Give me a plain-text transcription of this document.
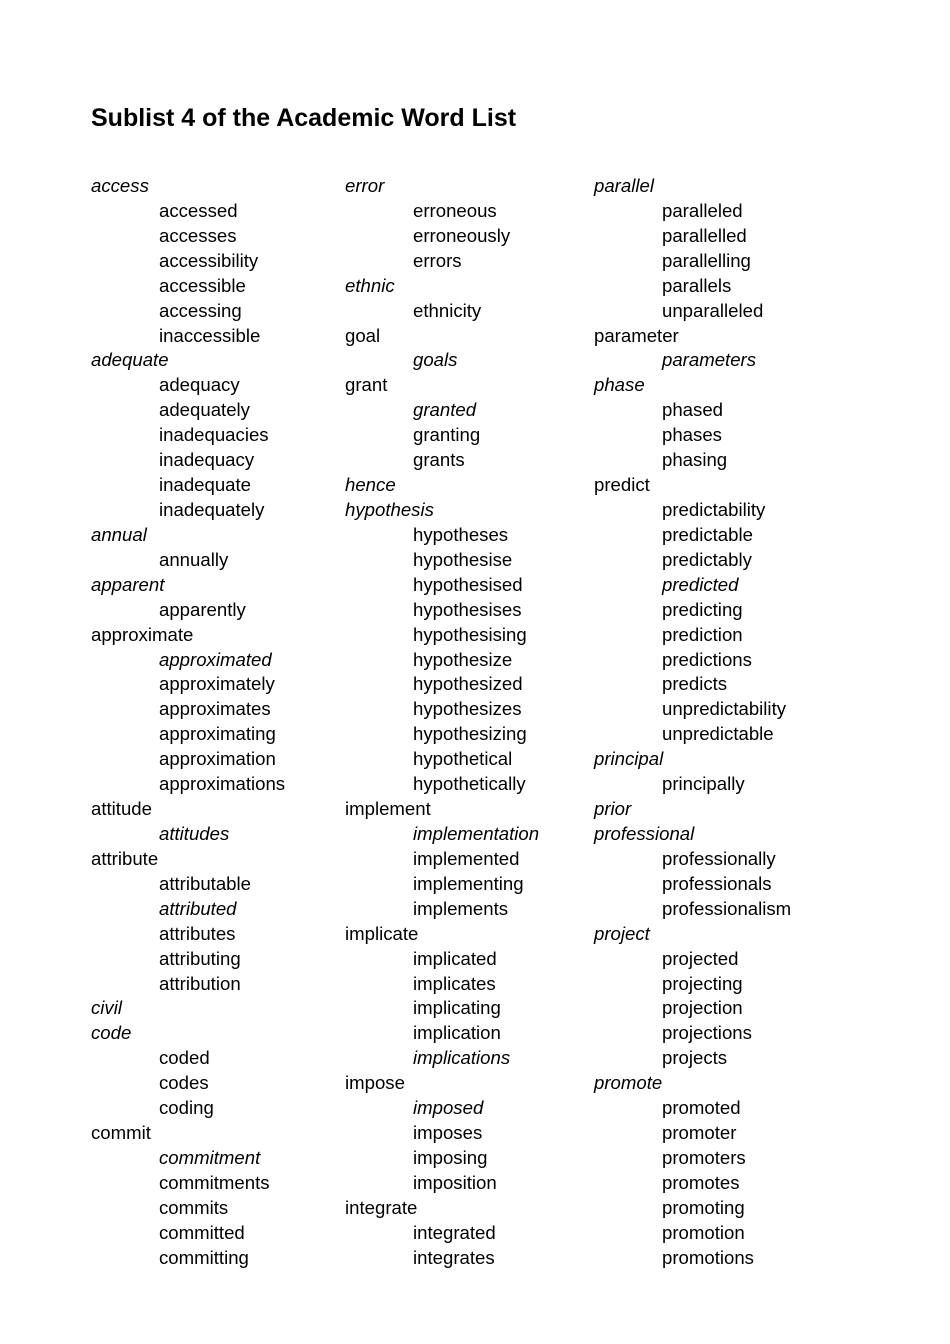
Sublist 4 of the Academic Word List
access
accessed
accesses
accessibility
accessible
accessing
inaccessible
adequate
adequacy
adequately
inadequacies
inadequacy
inadequate
inadequately
annual
annually
apparent
apparently
approximate
approximated
approximately
approximates
approximating
approximation
approximations
attitude
attitudes
attribute
attributable
attributed
attributes
attributing
attribution
civil
code
coded
codes
coding
commit
commitment
commitments
commits
committed
committing
error
erroneous
erroneously
errors
ethnic
ethnicity
goal
goals
grant
granted
granting
grants
hence
hypothesis
hypotheses
hypothesise
hypothesised
hypothesises
hypothesising
hypothesize
hypothesized
hypothesizes
hypothesizing
hypothetical
hypothetically
implement
implementation
implemented
implementing
implements
implicate
implicated
implicates
implicating
implication
implications
impose
imposed
imposes
imposing
imposition
integrate
integrated
integrates
parallel
paralleled
parallelled
parallelling
parallels
unparalleled
parameter
parameters
phase
phased
phases
phasing
predict
predictability
predictable
predictably
predicted
predicting
prediction
predictions
predicts
unpredictability
unpredictable
principal
principally
prior
professional
professionally
professionals
professionalism
project
projected
projecting
projection
projections
projects
promote
promoted
promoter
promoters
promotes
promoting
promotion
promotions
